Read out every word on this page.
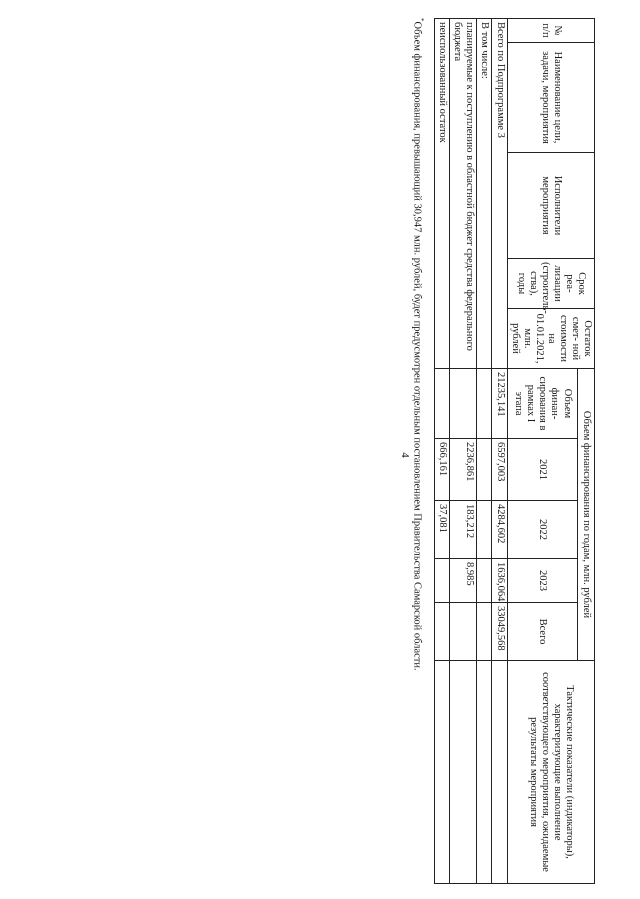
4
№ п/п	Наименование цели, задачи, мероприятия	Исполнители мероприятия	Срок реа- лизации (строитель- ства), годы	Остаток смет- ной стоимости на 01.01.2021, млн. рублей	Объем финансирования по годам, млн. рублей					Тактические показатели (индикаторы), характеризующие выполнение соответствующего мероприятия, ожидаемые результаты мероприятия
					Объем финан- сирования в рамках I этапа	2021	2022	2023	Всего	
Всего по Подпрограмме 3					21235,141	6597,003	4284,602	1636,064	33049,568	
В том числе:										
планируемые к поступлению в областной бюджет средства федерального бюджета						2236,861	183,212	8,985		
неиспользованный остаток						666,161	37,081			
*Объем финансирования, превышающий 30,947 млн. рублей, будет предусмотрен отдельным постановлением Правительства Самарской области.
